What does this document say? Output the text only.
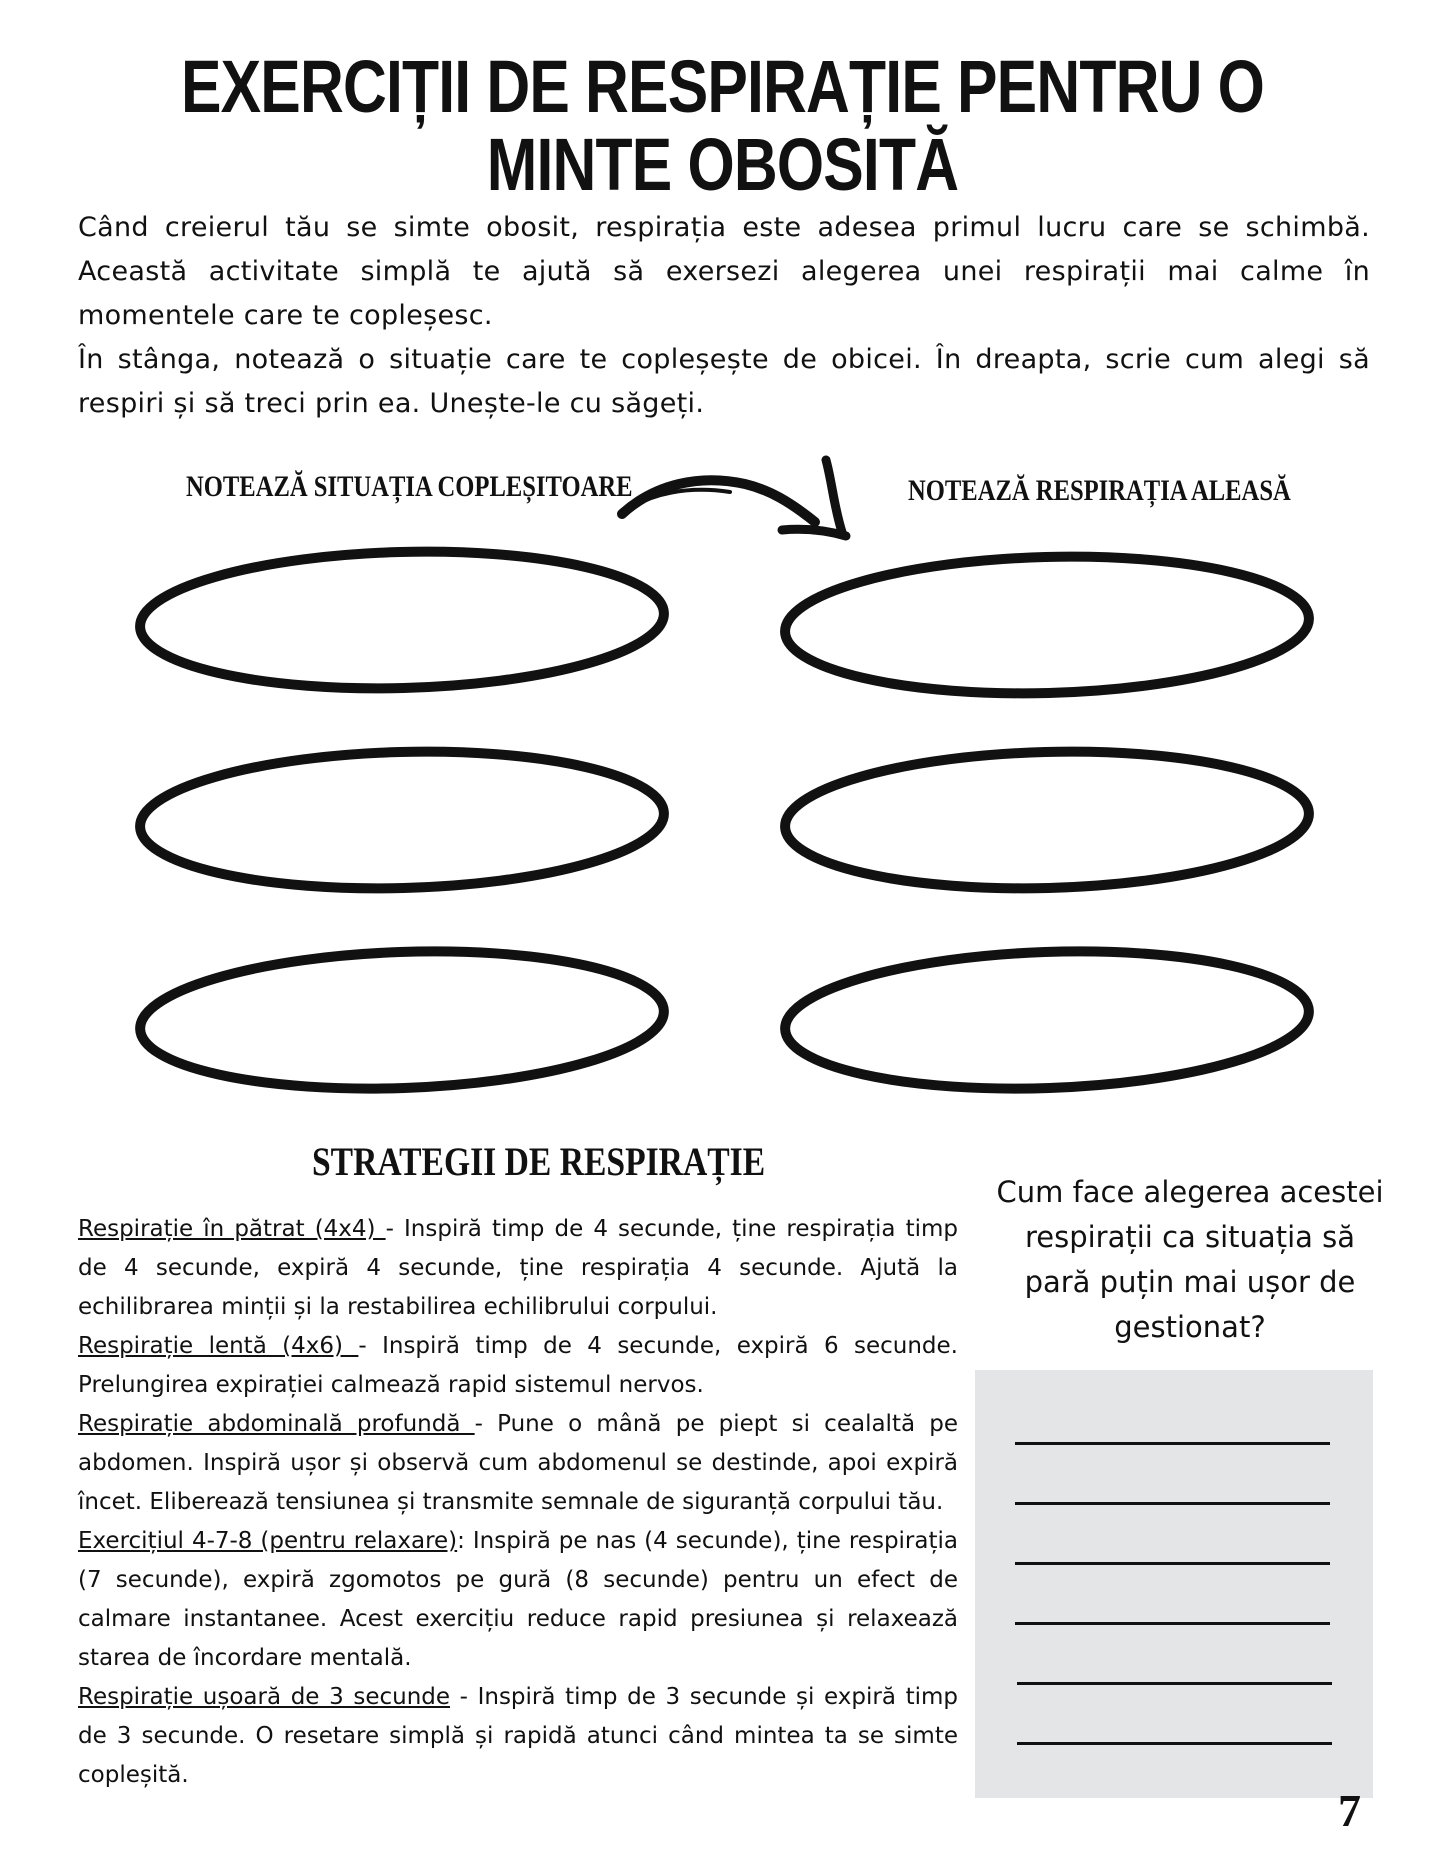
EXERCIȚII DE RESPIRAȚIE PENTRU O MINTE OBOSITĂ

Când creierul tău se simte obosit, respirația este adesea primul lucru care se schimbă. Această activitate simplă te ajută să exersezi alegerea unei respirații mai calme în momentele care te copleșesc.

În stânga, notează o situație care te copleșește de obicei. În dreapta, scrie cum alegi să respiri și să treci prin ea. Unește-le cu săgeți.

NOTEAZĂ SITUAȚIA COPLEȘITOARE	NOTEAZĂ RESPIRAȚIA ALEASĂ
STRATEGII DE RESPIRAȚIE

Respirație în pătrat (4x4) - Inspiră timp de 4 secunde, ține respirația timp de 4 secunde, expiră 4 secunde, ține respirația 4 secunde. Ajută la echilibrarea minții și la restabilirea echilibrului corpului.

Respirație lentă (4x6) - Inspiră timp de 4 secunde, expiră 6 secunde. Prelungirea expirației calmează rapid sistemul nervos.

Respirație abdominală profundă - Pune o mână pe piept si cealaltă pe abdomen. Inspiră ușor și observă cum abdomenul se destinde, apoi expiră încet. Eliberează tensiunea și transmite semnale de siguranță corpului tău.

Exercițiul 4-7-8 (pentru relaxare): Inspiră pe nas (4 secunde), ține respirația (7 secunde), expiră zgomotos pe gură (8 secunde) pentru un efect de calmare instantanee. Acest exercițiu reduce rapid presiunea și relaxează starea de încordare mentală.

Respirație ușoară de 3 secunde - Inspiră timp de 3 secunde și expiră timp de 3 secunde. O resetare simplă și rapidă atunci când mintea ta se simte copleșită.

Cum face alegerea acestei respirații ca situația să pară puțin mai ușor de gestionat?
7
